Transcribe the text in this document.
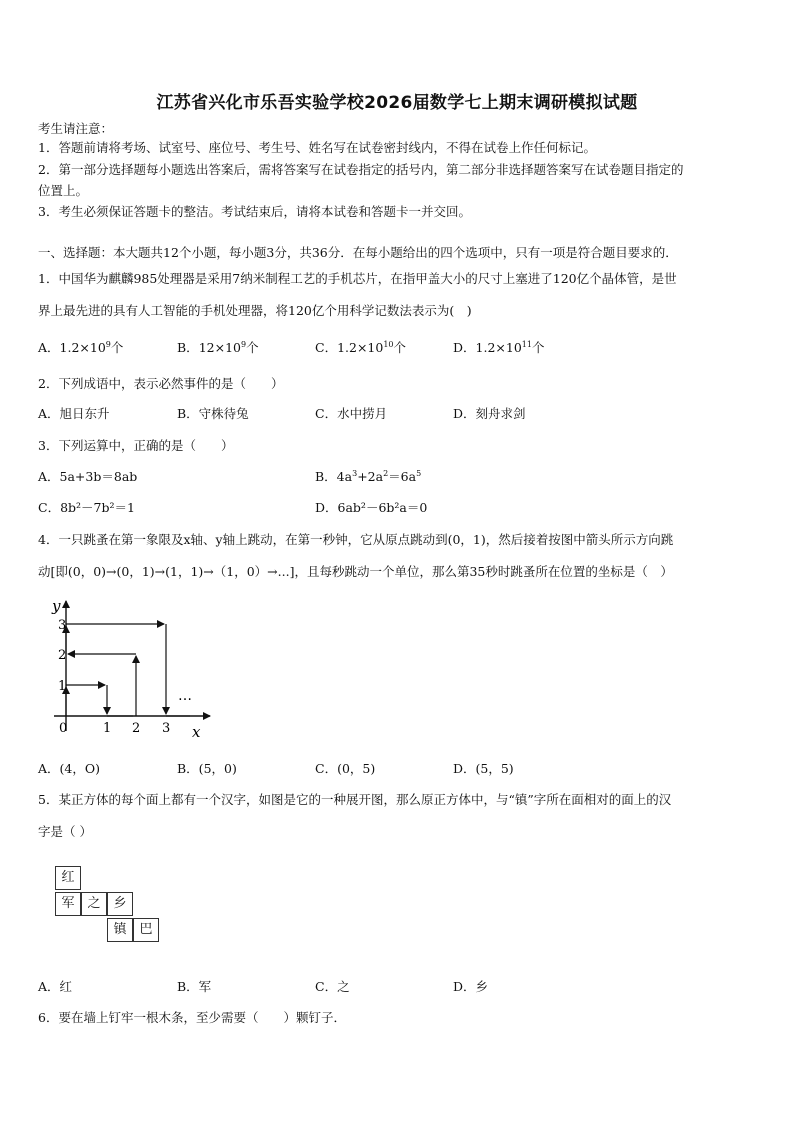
江苏省兴化市乐吾实验学校2026届数学七上期末调研模拟试题
考生请注意：
1．答题前请将考场、试室号、座位号、考生号、姓名写在试卷密封线内，不得在试卷上作任何标记。
2．第一部分选择题每小题选出答案后，需将答案写在试卷指定的括号内，第二部分非选择题答案写在试卷题目指定的
位置上。
3．考生必须保证答题卡的整洁。考试结束后，请将本试卷和答题卡一并交回。
一、选择题：本大题共12个小题，每小题3分，共36分．在每小题给出的四个选项中，只有一项是符合题目要求的．
1．中国华为麒麟985处理器是采用7纳米制程工艺的手机芯片，在指甲盖大小的尺寸上塞进了120亿个晶体管，是世
界上最先进的具有人工智能的手机处理器，将120亿个用科学记数法表示为(　)
A．$1.2\times 10^9$个	B．$12\times 10^9$个	C．$1.2\times 10^{10}$个	D．$1.2\times 10^{11}$个
2．下列成语中，表示必然事件的是（　　）
A．旭日东升	B．守株待兔	C．水中捞月	D．刻舟求剑
3．下列运算中，正确的是（　　）
A．5a+3b＝8ab	B．$4a^3+2a^2=6a^5$
C．8b²－7b²＝1	D．6ab²－6b²a＝0
4．一只跳蚤在第一象限及x轴、y轴上跳动，在第一秒钟，它从原点跳动到(0，1)，然后接着按图中箭头所示方向跳
动[即(0，0)→(0，1)→(1，1)→（1，0）→...]，且每秒跳动一个单位，那么第35秒时跳蚤所在位置的坐标是（　）
y
x
0	1 2 3
1
2
3
…
A．(4，O)	B．(5，0)	C．(0，5)	D．(5，5)
5．某正方体的每个面上都有一个汉字，如图是它的一种展开图，那么原正方体中，与“镇”字所在面相对的面上的汉
字是（ ）
红
军 之 乡
镇 巴
A．红	B．军	C．之	D．乡
6．要在墙上钉牢一根木条，至少需要（　　）颗钉子．
